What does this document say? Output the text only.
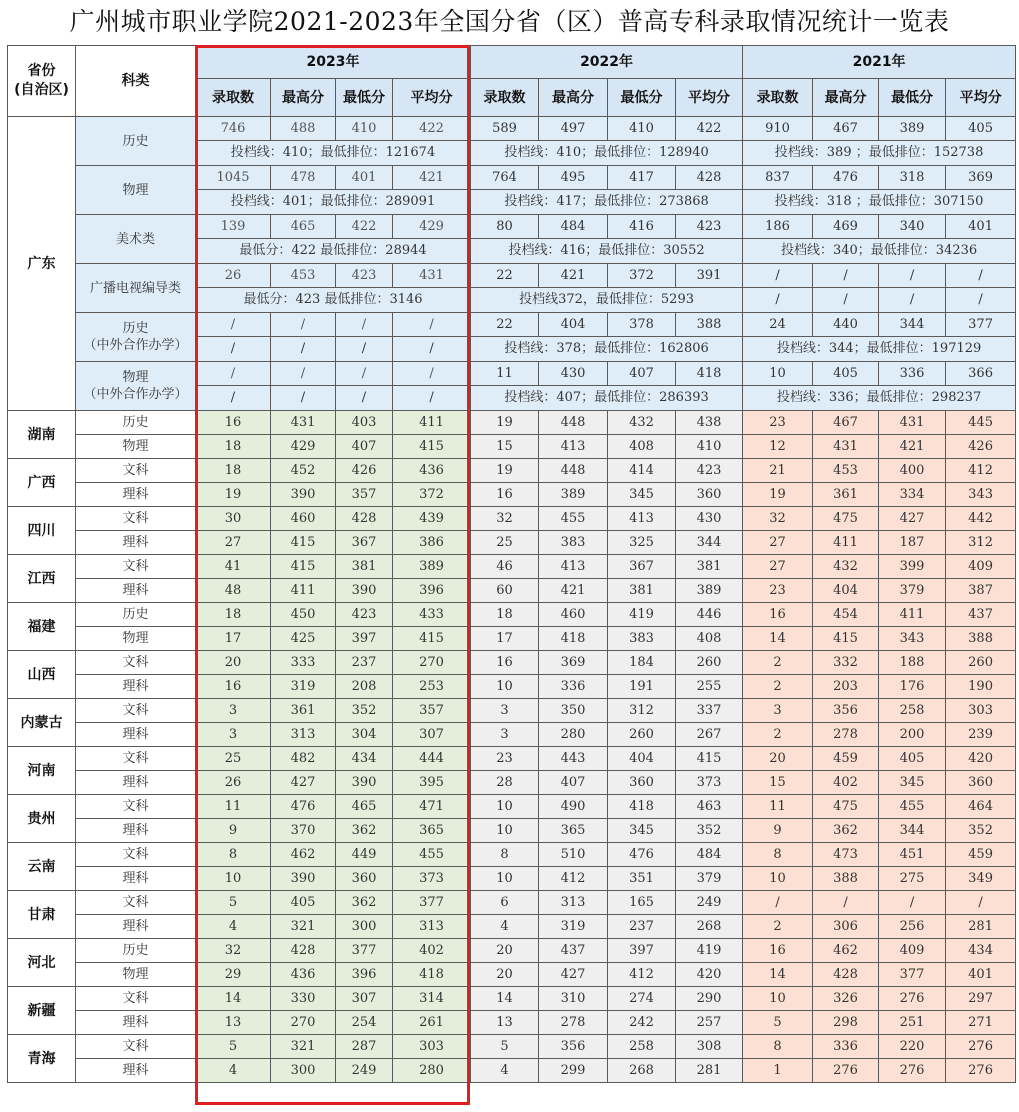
广州城市职业学院2021-2023年全国分省（区）普高专科录取情况统计一览表
省份
(自治区)	科类	2023年				2022年				2021年			
		录取数	最高分	最低分	平均分	录取数	最高分	最低分	平均分	录取数	最高分	最低分	平均分
广东	历史	746	488	410	422	589	497	410	422	910	467	389	405
		投档线：410；最低排位：121674				投档线：410；最低排位：128940				投档线：389 ；最低排位：152738			
	物理	1045	478	401	421	764	495	417	428	837	476	318	369
		投档线：401；最低排位：289091				投档线：417；最低排位：273868				投档线：318 ；最低排位：307150			
	美术类	139	465	422	429	80	484	416	423	186	469	340	401
		最低分：422 最低排位：28944				投档线：416；最低排位：30552				投档线：340；最低排位：34236			
	广播电视编导类	26	453	423	431	22	421	372	391	/	/	/	/
		最低分：423 最低排位：3146				投档线372，最低排位：5293				/	/	/	/
	历史
（中外合作办学）	/	/	/	/	22	404	378	388	24	440	344	377
		/	/	/	/	投档线：378；最低排位：162806				投档线：344；最低排位：197129			
	物理
（中外合作办学）	/	/	/	/	11	430	407	418	10	405	336	366
		/	/	/	/	投档线：407；最低排位：286393				投档线：336；最低排位：298237			
湖南	历史	16	431	403	411	19	448	432	438	23	467	431	445
	物理	18	429	407	415	15	413	408	410	12	431	421	426
广西	文科	18	452	426	436	19	448	414	423	21	453	400	412
	理科	19	390	357	372	16	389	345	360	19	361	334	343
四川	文科	30	460	428	439	32	455	413	430	32	475	427	442
	理科	27	415	367	386	25	383	325	344	27	411	187	312
江西	文科	41	415	381	389	46	413	367	381	27	432	399	409
	理科	48	411	390	396	60	421	381	389	23	404	379	387
福建	历史	18	450	423	433	18	460	419	446	16	454	411	437
	物理	17	425	397	415	17	418	383	408	14	415	343	388
山西	文科	20	333	237	270	16	369	184	260	2	332	188	260
	理科	16	319	208	253	10	336	191	255	2	203	176	190
内蒙古	文科	3	361	352	357	3	350	312	337	3	356	258	303
	理科	3	313	304	307	3	280	260	267	2	278	200	239
河南	文科	25	482	434	444	23	443	404	415	20	459	405	420
	理科	26	427	390	395	28	407	360	373	15	402	345	360
贵州	文科	11	476	465	471	10	490	418	463	11	475	455	464
	理科	9	370	362	365	10	365	345	352	9	362	344	352
云南	文科	8	462	449	455	8	510	476	484	8	473	451	459
	理科	10	390	360	373	10	412	351	379	10	388	275	349
甘肃	文科	5	405	362	377	6	313	165	249	/	/	/	/
	理科	4	321	300	313	4	319	237	268	2	306	256	281
河北	历史	32	428	377	402	20	437	397	419	16	462	409	434
	物理	29	436	396	418	20	427	412	420	14	428	377	401
新疆	文科	14	330	307	314	14	310	274	290	10	326	276	297
	理科	13	270	254	261	13	278	242	257	5	298	251	271
青海	文科	5	321	287	303	5	356	258	308	8	336	220	276
	理科	4	300	249	280	4	299	268	281	1	276	276	276
